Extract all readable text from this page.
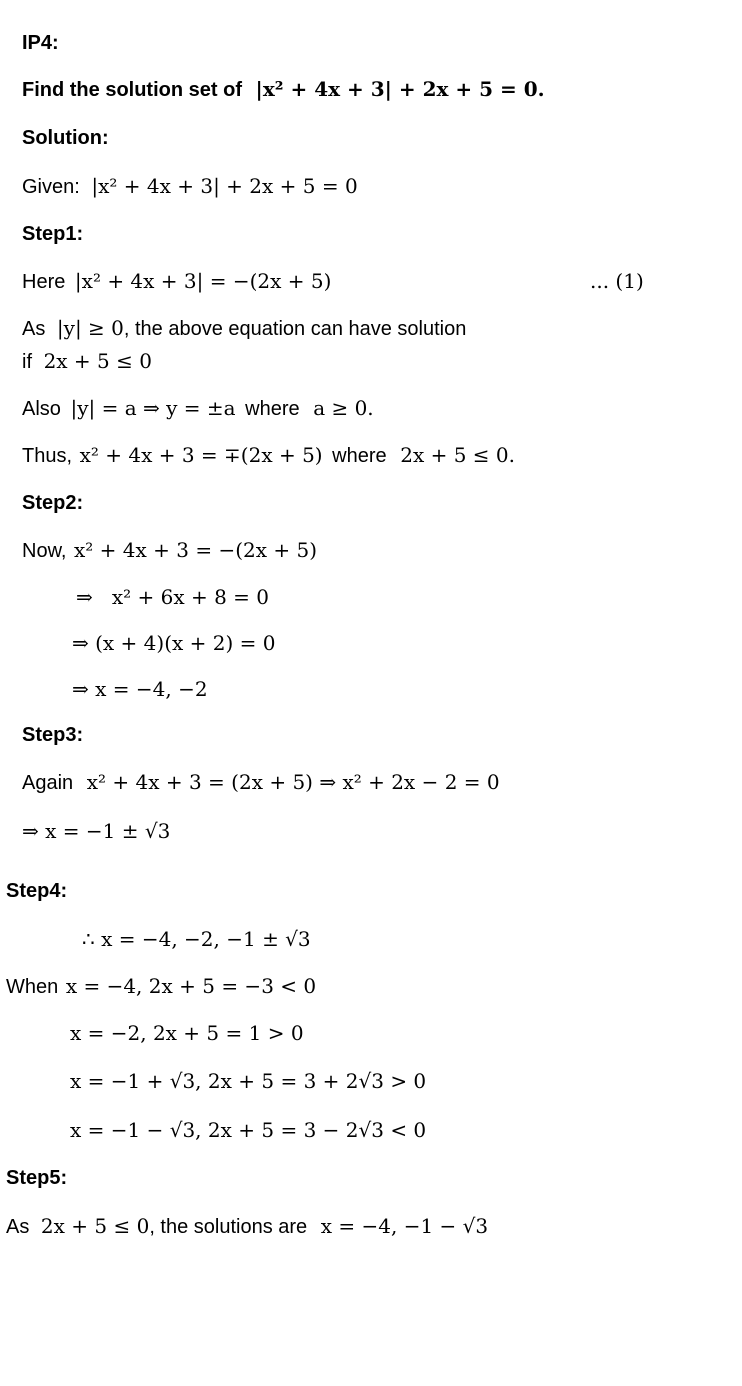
IP4:
Find the solution set of |x² + 4x + 3| + 2x + 5 = 0.
Solution:
Given: |x² + 4x + 3| + 2x + 5 = 0
Step1:
Here |x² + 4x + 3| = −(2x + 5)	... (1)
As |y| ≥ 0, the above equation can have solution
if 2x + 5 ≤ 0
Also |y| = a ⇒ y = ±a where a ≥ 0.
Thus, x² + 4x + 3 = ∓(2x + 5) where 2x + 5 ≤ 0.
Step2:
Now, x² + 4x + 3 = −(2x + 5)
⇒   x² + 6x + 8 = 0
⇒ (x + 4)(x + 2) = 0
⇒ x = −4, −2
Step3:
Again x² + 4x + 3 = (2x + 5) ⇒ x² + 2x − 2 = 0
⇒ x = −1 ± √3
Step4:
∴ x = −4, −2, −1 ± √3
When x = −4, 2x + 5 = −3 < 0
x = −2, 2x + 5 = 1 > 0
x = −1 + √3, 2x + 5 = 3 + 2√3 > 0
x = −1 − √3, 2x + 5 = 3 − 2√3 < 0
Step5:
As 2x + 5 ≤ 0, the solutions are x = −4, −1 − √3
